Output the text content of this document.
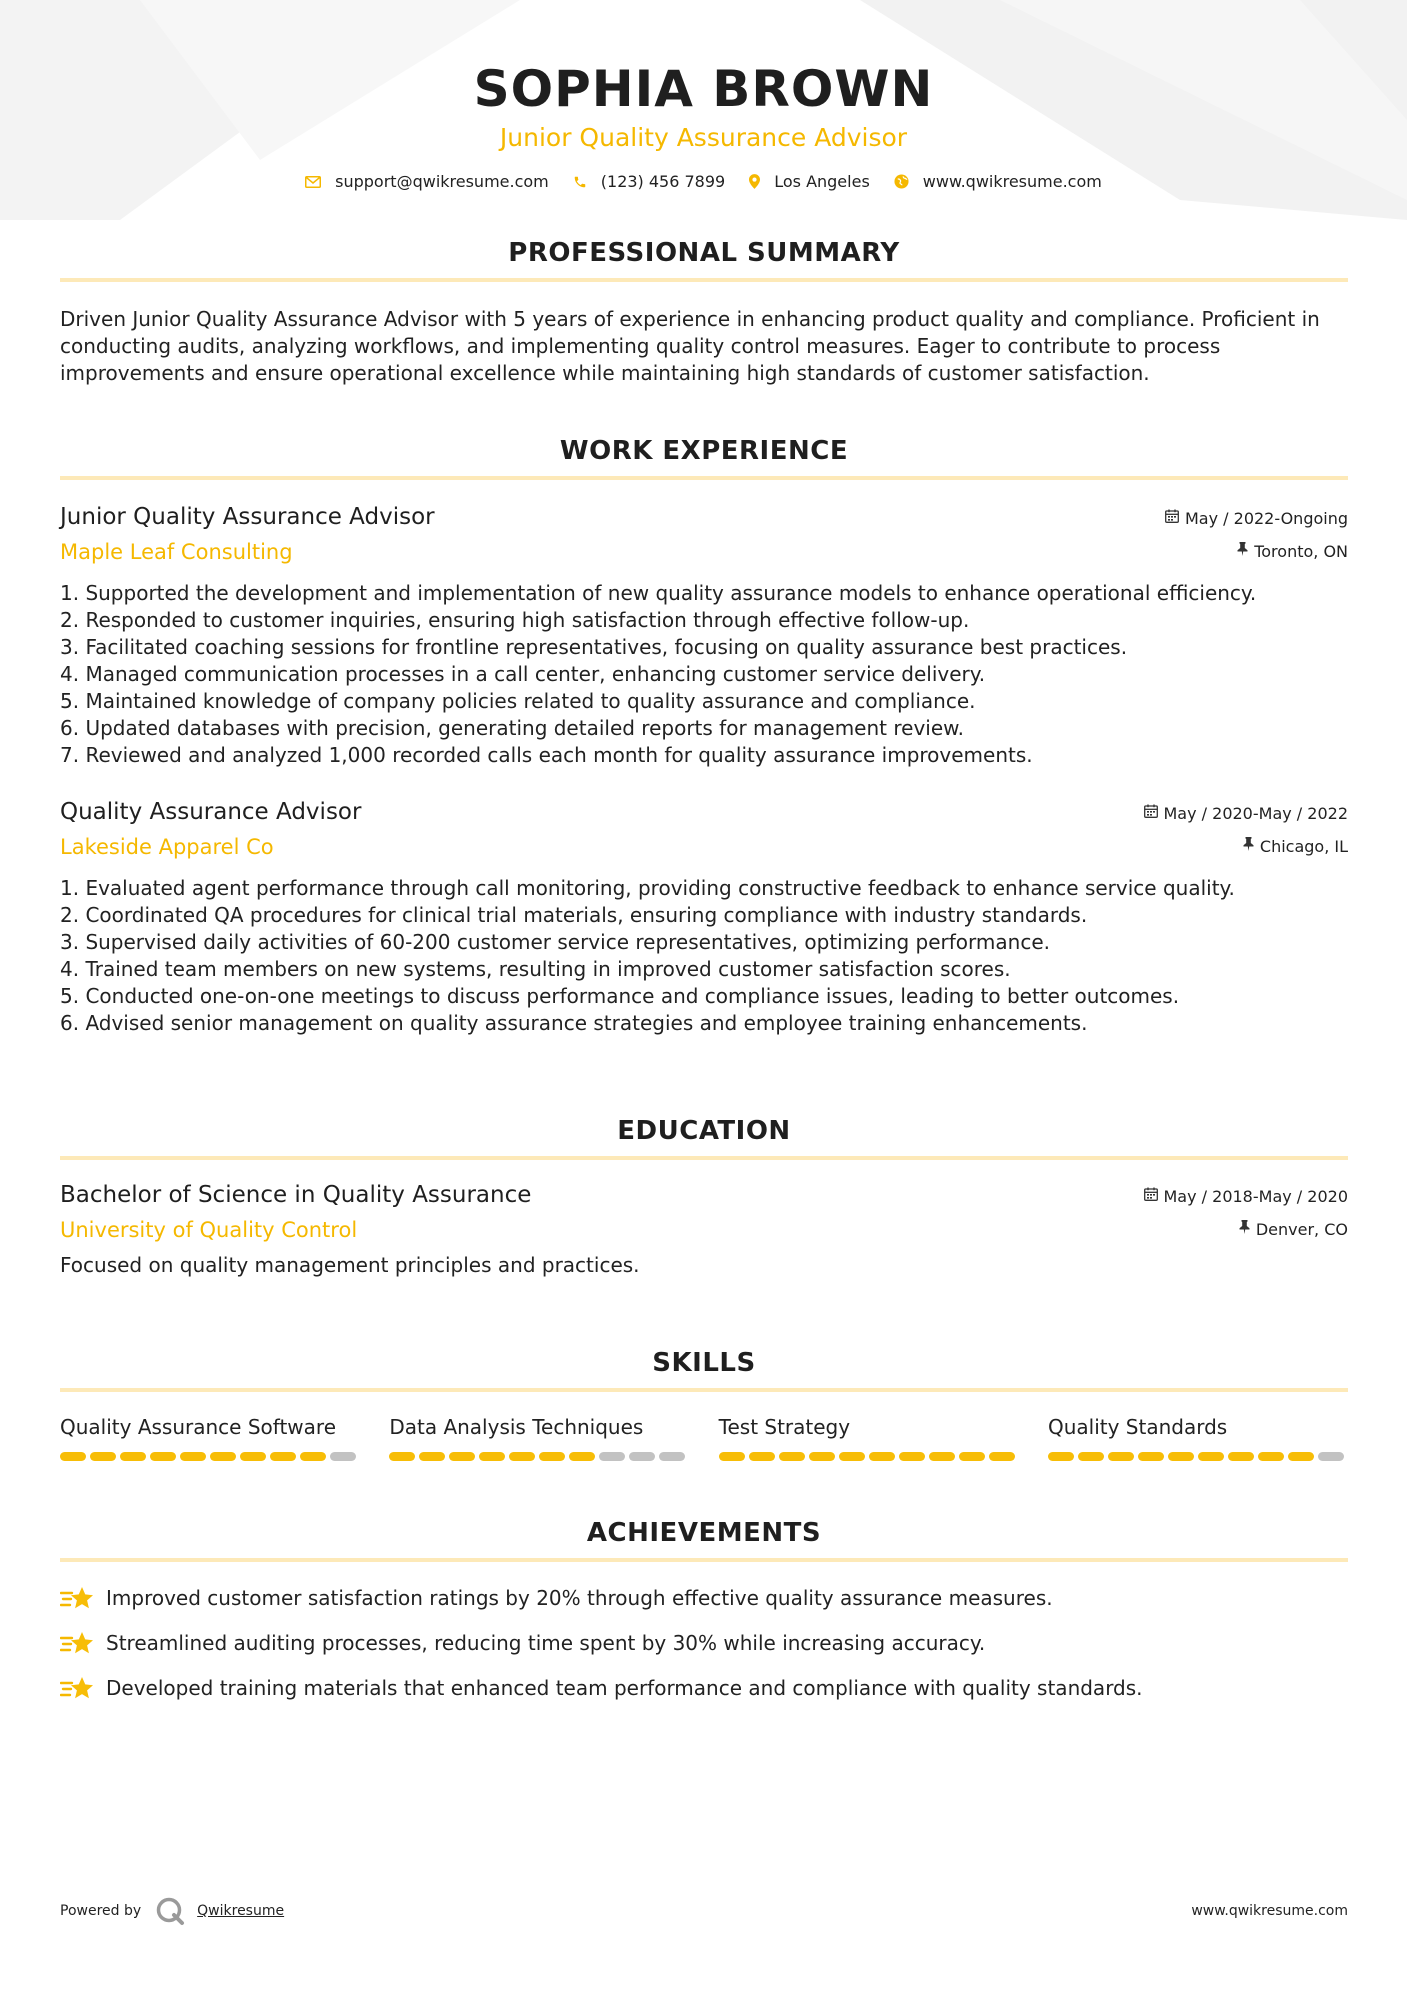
SOPHIA BROWN
Junior Quality Assurance Advisor
support@qwikresume.com	(123) 456 7899	Los Angeles	www.qwikresume.com
PROFESSIONAL SUMMARY

Driven Junior Quality Assurance Advisor with 5 years of experience in enhancing product quality and compliance. Proficient in conducting audits, analyzing workflows, and implementing quality control measures. Eager to contribute to process improvements and ensure operational excellence while maintaining high standards of customer satisfaction.

WORK EXPERIENCE
Junior Quality Assurance Advisor	May / 2022-Ongoing
Maple Leaf Consulting	Toronto, ON
1. Supported the development and implementation of new quality assurance models to enhance operational efficiency.
2. Responded to customer inquiries, ensuring high satisfaction through effective follow-up.
3. Facilitated coaching sessions for frontline representatives, focusing on quality assurance best practices.
4. Managed communication processes in a call center, enhancing customer service delivery.
5. Maintained knowledge of company policies related to quality assurance and compliance.
6. Updated databases with precision, generating detailed reports for management review.
7. Reviewed and analyzed 1,000 recorded calls each month for quality assurance improvements.
Quality Assurance Advisor	May / 2020-May / 2022
Lakeside Apparel Co	Chicago, IL
1. Evaluated agent performance through call monitoring, providing constructive feedback to enhance service quality.
2. Coordinated QA procedures for clinical trial materials, ensuring compliance with industry standards.
3. Supervised daily activities of 60-200 customer service representatives, optimizing performance.
4. Trained team members on new systems, resulting in improved customer satisfaction scores.
5. Conducted one-on-one meetings to discuss performance and compliance issues, leading to better outcomes.
6. Advised senior management on quality assurance strategies and employee training enhancements.
EDUCATION
Bachelor of Science in Quality Assurance	May / 2018-May / 2020
University of Quality Control	Denver, CO

Focused on quality management principles and practices.

SKILLS
Quality Assurance Software	Data Analysis Techniques	Test Strategy	Quality Standards
ACHIEVEMENTS
Improved customer satisfaction ratings by 20% through effective quality assurance measures.
Streamlined auditing processes, reducing time spent by 30% while increasing accuracy.
Developed training materials that enhanced team performance and compliance with quality standards.
Powered by	Qwikresume	www.qwikresume.com
